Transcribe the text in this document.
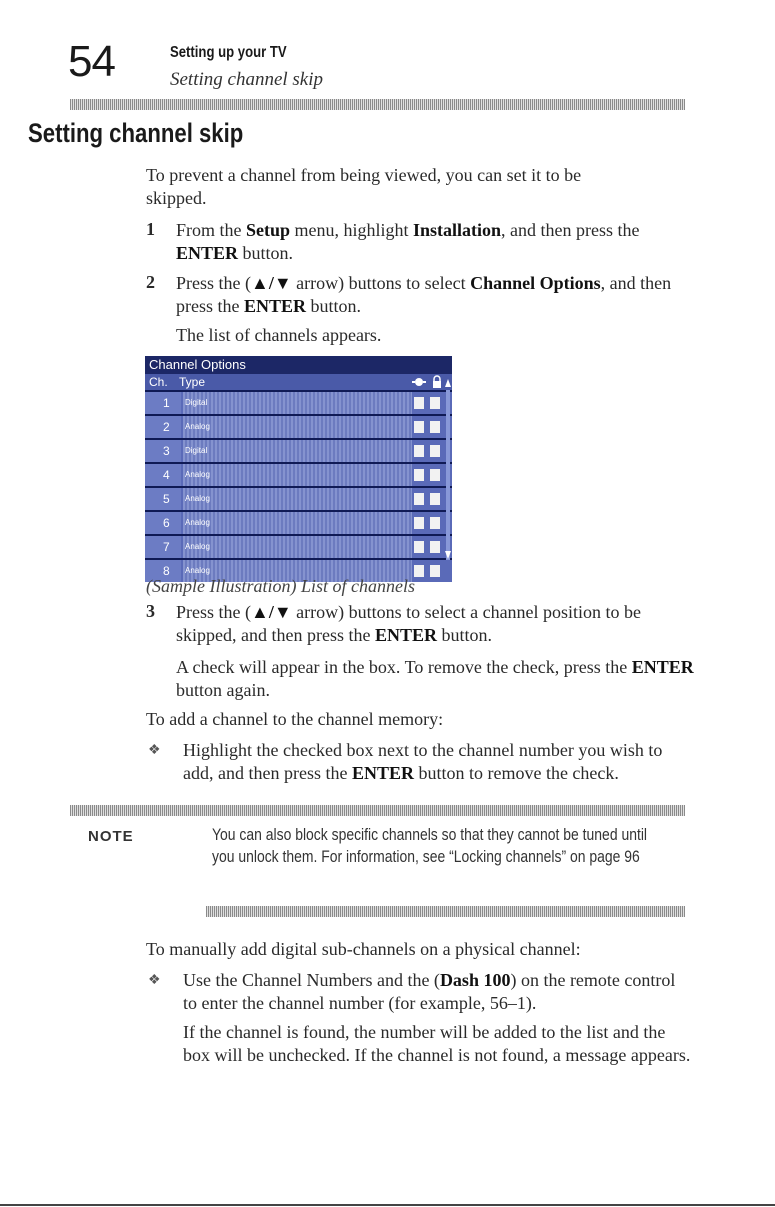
54	Setting up your TV
Setting channel skip
Setting channel skip
To prevent a channel from being viewed, you can set it to be skipped.
1 From the Setup menu, highlight Installation, and then press the ENTER button.
2 Press the (▲/▼ arrow) buttons to select Channel Options, and then press the ENTER button.
The list of channels appears.
Channel Options
Ch. Type
1 Digital
2 Analog
3 Digital
4 Analog
5 Analog
6 Analog
7 Analog
8 Analog
(Sample Illustration) List of channels
3 Press the (▲/▼ arrow) buttons to select a channel position to be skipped, and then press the ENTER button.
A check will appear in the box. To remove the check, press the ENTER button again.
To add a channel to the channel memory:
❖ Highlight the checked box next to the channel number you wish to add, and then press the ENTER button to remove the check.
NOTE	You can also block specific channels so that they cannot be tuned until you unlock them. For information, see “Locking channels” on page 96
To manually add digital sub-channels on a physical channel:
❖ Use the Channel Numbers and the (Dash 100) on the remote control to enter the channel number (for example, 56–1).
If the channel is found, the number will be added to the list and the box will be unchecked. If the channel is not found, a message appears.
